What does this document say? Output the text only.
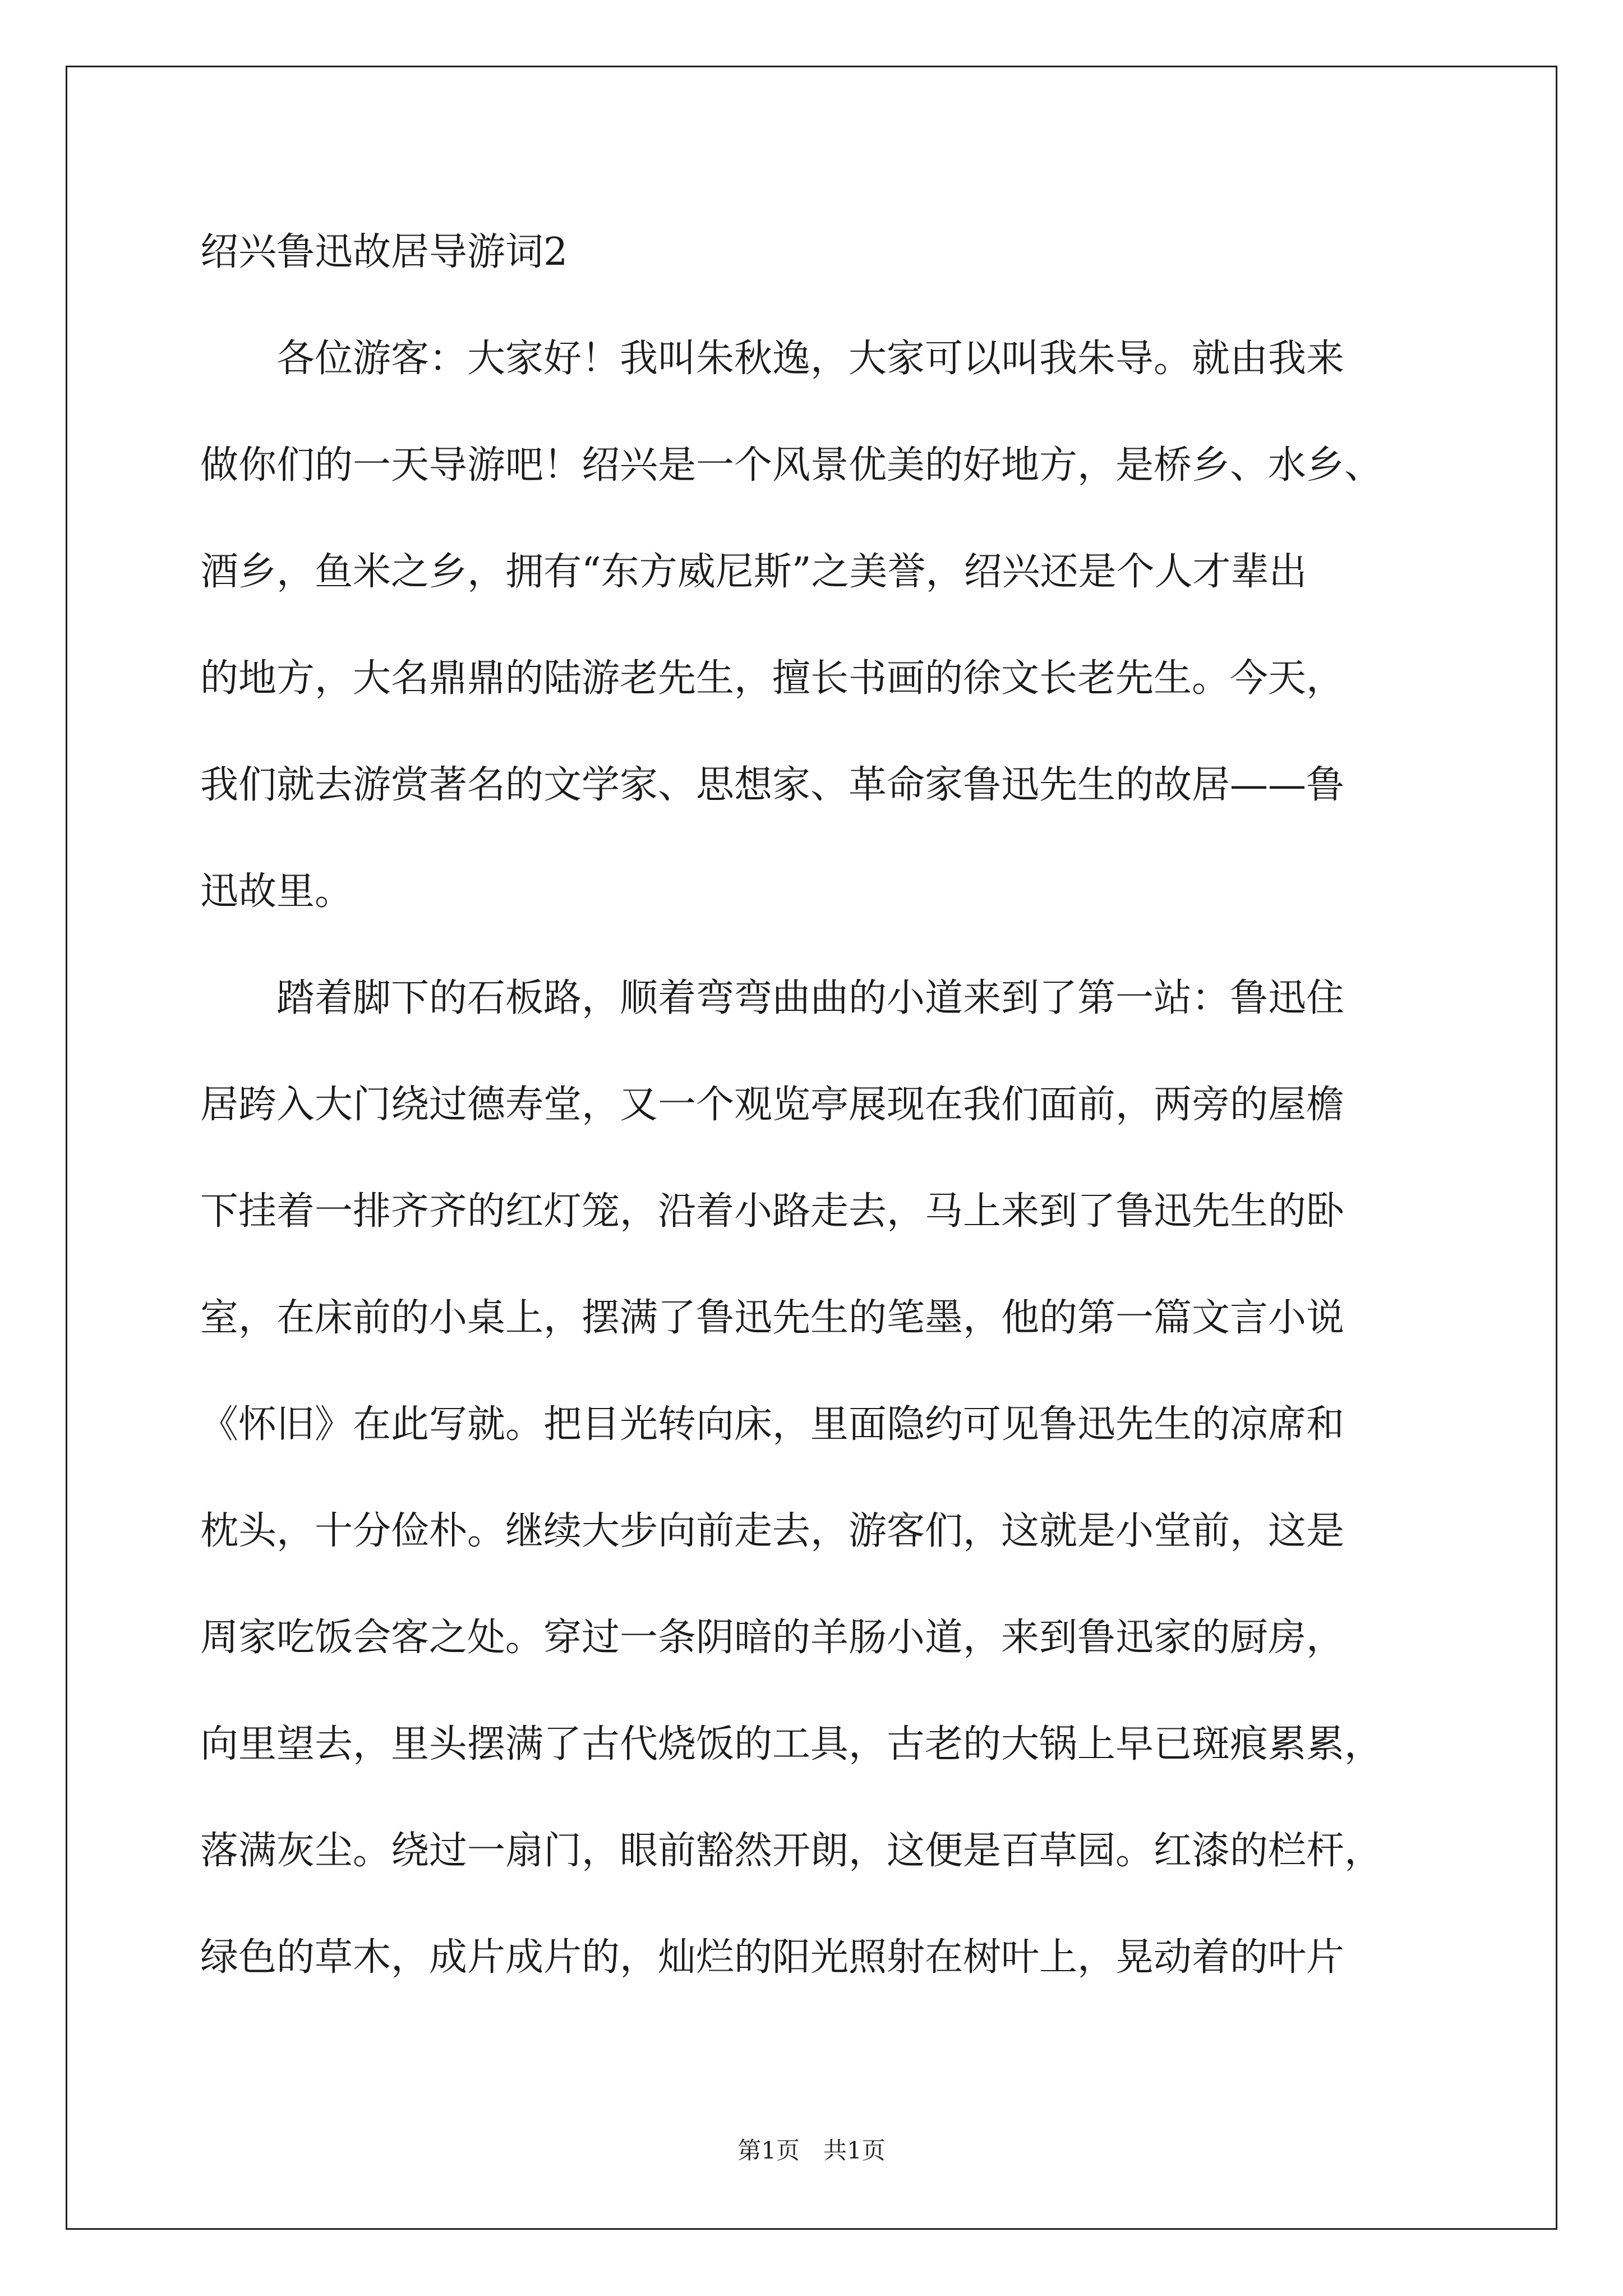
绍兴鲁迅故居导游词2

　　各位游客：大家好！我叫朱秋逸，大家可以叫我朱导。就由我来

做你们的一天导游吧！绍兴是一个风景优美的好地方，是桥乡、水乡、

酒乡，鱼米之乡，拥有“东方威尼斯”之美誉，绍兴还是个人才辈出

的地方，大名鼎鼎的陆游老先生，擅长书画的徐文长老先生。今天，

我们就去游赏著名的文学家、思想家、革命家鲁迅先生的故居——鲁

迅故里。

　　踏着脚下的石板路，顺着弯弯曲曲的小道来到了第一站：鲁迅住

居跨入大门绕过德寿堂，又一个观览亭展现在我们面前，两旁的屋檐

下挂着一排齐齐的红灯笼，沿着小路走去，马上来到了鲁迅先生的卧

室，在床前的小桌上，摆满了鲁迅先生的笔墨，他的第一篇文言小说

《怀旧》在此写就。把目光转向床，里面隐约可见鲁迅先生的凉席和

枕头，十分俭朴。继续大步向前走去，游客们，这就是小堂前，这是

周家吃饭会客之处。穿过一条阴暗的羊肠小道，来到鲁迅家的厨房，

向里望去，里头摆满了古代烧饭的工具，古老的大锅上早已斑痕累累，

落满灰尘。绕过一扇门，眼前豁然开朗，这便是百草园。红漆的栏杆，

绿色的草木，成片成片的，灿烂的阳光照射在树叶上，晃动着的叶片

第1页　共1页
